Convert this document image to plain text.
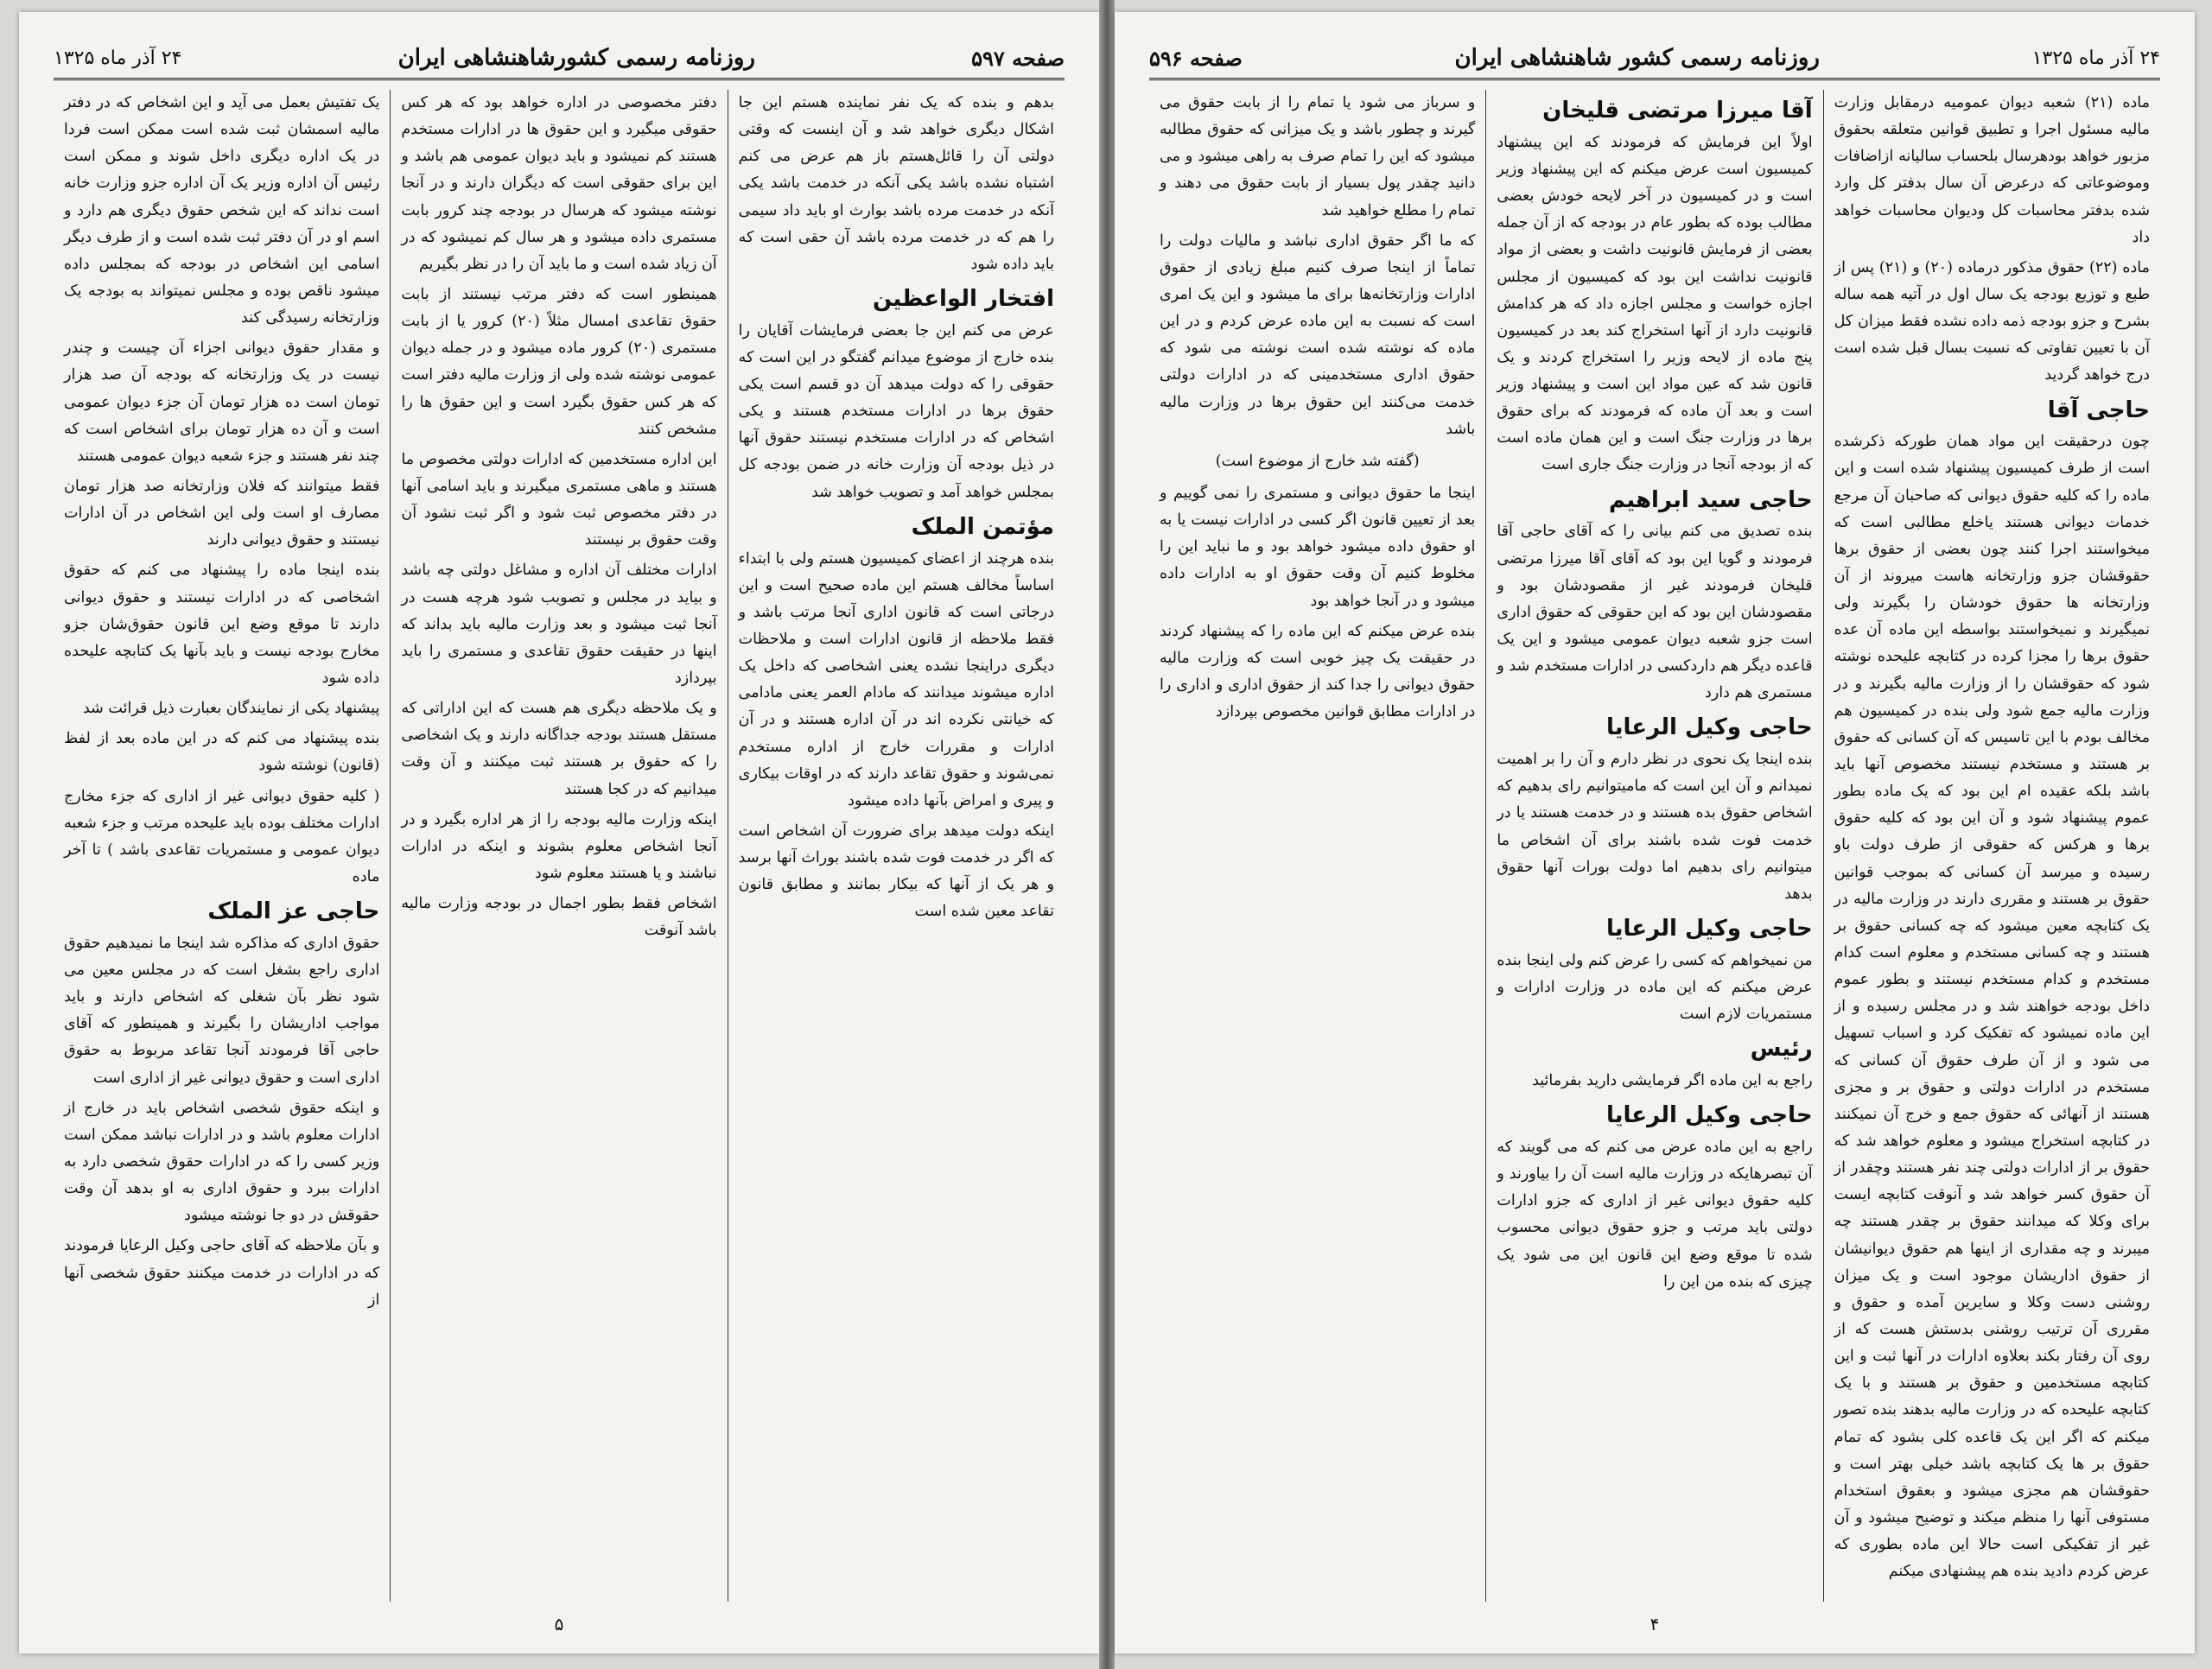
صفحه ۵۹۷
روزنامه رسمی کشورشاهنشاهی ایران
۲۴ آذر ماه ۱۳۲۵

بدهم و بنده که یک نفر نماینده هستم این جا اشکال دیگری خواهد شد و آن اینست که وقتی دولتی آن را قائل‌هستم باز هم عرض می کنم اشتباه نشده باشد یکی آنکه در خدمت باشد یکی آنکه در خدمت مرده باشد بوارث او باید داد سیمی را هم که در خدمت مرده باشد آن حقی است که باید داده شود

افتخار الواعظین

عرض می کنم این جا بعضی فرمایشات آقایان را بنده خارج از موضوع میدانم گفتگو در این است که حقوقی را که دولت میدهد آن دو قسم است یکی حقوق برها در ادارات مستخدم هستند و یکی اشخاص که در ادارات مستخدم نیستند حقوق آنها در ذیل بودجه آن وزارت خانه در ضمن بودجه کل بمجلس خواهد آمد و تصویب خواهد شد

مؤتمن الملک

بنده هرچند از اعضای کمیسیون هستم ولی با ابتداء اساساً مخالف هستم این ماده صحیح است و این درجاتی است که قانون اداری آنجا مرتب باشد و فقط ملاحظه از قانون ادارات است و ملاحظات دیگری دراینجا نشده یعنی اشخاصی که داخل یک اداره میشوند میدانند که مادام العمر یعنی مادامی که خیانتی نکرده اند در آن اداره هستند و در آن ادارات و مقررات خارج از اداره مستخدم نمی‌شوند و حقوق تقاعد دارند که در اوقات بیکاری و پیری و امراض بآنها داده میشود

اینکه دولت میدهد برای ضرورت آن اشخاص است که اگر در خدمت فوت شده باشند بوراث آنها برسد و هر یک از آنها که بیکار بمانند و مطابق قانون تقاعد معین شده است

دفتر مخصوصی در اداره خواهد بود که هر کس حقوقی میگیرد و این حقوق ها در ادارات مستخدم هستند کم نمیشود و باید دیوان عمومی هم باشد و این برای حقوقی است که دیگران دارند و در آنجا نوشته میشود که هرسال در بودجه چند کرور بابت مستمری داده میشود و هر سال کم نمیشود که در آن زیاد شده است و ما باید آن را در نظر بگیریم

همینطور است که دفتر مرتب نیستند از بابت حقوق تقاعدی امسال مثلاً (۲۰) کرور یا از بابت مستمری (۲۰) کرور ماده میشود و در جمله دیوان عمومی نوشته شده ولی از وزارت مالیه دفتر است که هر کس حقوق بگیرد است و این حقوق ها را مشخص کنند

این اداره مستخدمین که ادارات دولتی مخصوص ما هستند و ماهی مستمری میگیرند و باید اسامی آنها در دفتر مخصوص ثبت شود و اگر ثبت نشود آن وقت حقوق بر نیستند

ادارات مختلف آن اداره و مشاغل دولتی چه باشد و بیاید در مجلس و تصویب شود هرچه هست در آنجا ثبت میشود و بعد وزارت مالیه باید بداند که اینها در حقیقت حقوق تقاعدی و مستمری را باید بپردازد

و یک ملاحظه دیگری هم هست که این اداراتی که مستقل هستند بودجه جداگانه دارند و یک اشخاصی را که حقوق بر هستند ثبت میکنند و آن وقت میدانیم که در کجا هستند

اینکه وزارت مالیه بودجه را از هر اداره بگیرد و در آنجا اشخاص معلوم بشوند و اینکه در ادارات نباشند و یا هستند معلوم شود

اشخاص فقط بطور اجمال در بودجه وزارت مالیه باشد آنوقت

یک تفتیش بعمل می آید و این اشخاص که در دفتر مالیه اسمشان ثبت شده است ممکن است فردا در یک اداره دیگری داخل شوند و ممکن است رئیس آن اداره وزیر یک آن اداره جزو وزارت خانه است نداند که این شخص حقوق دیگری هم دارد و اسم او در آن دفتر ثبت شده است و از طرف دیگر اسامی این اشخاص در بودجه که بمجلس داده میشود ناقص بوده و مجلس نمیتواند به بودجه یک وزارتخانه رسیدگی کند

و مقدار حقوق دیوانی اجزاء آن چیست و چندر نیست در یک وزارتخانه که بودجه آن صد هزار تومان است ده هزار تومان آن جزء دیوان عمومی است و آن ده هزار تومان برای اشخاص است که چند نفر هستند و جزء شعبه دیوان عمومی هستند

فقط میتوانند که فلان وزارتخانه صد هزار تومان مصارف او است ولی این اشخاص در آن ادارات نیستند و حقوق دیوانی دارند

بنده اینجا ماده را پیشنهاد می کنم که حقوق اشخاصی که در ادارات نیستند و حقوق دیوانی دارند تا موقع وضع این قانون حقوق‌شان جزو مخارج بودجه نیست و باید بآنها یک کتابچه علیحده داده شود

پیشنهاد یکی از نمایندگان بعبارت ذیل قرائت شد

بنده پیشنهاد می کنم که در این ماده بعد از لفظ (قانون) نوشته شود

( کلیه حقوق دیوانی غیر از اداری که جزء مخارج ادارات مختلف بوده باید علیحده مرتب و جزء شعبه دیوان عمومی و مستمریات تقاعدی باشد ) تا آخر ماده

حاجی عز الملک

حقوق اداری که مذاکره شد اینجا ما نمیدهیم حقوق اداری راجع بشغل است که در مجلس معین می شود نظر بآن شغلی که اشخاص دارند و باید مواجب اداریشان را بگیرند و همینطور که آقای حاجی آقا فرمودند آنجا تقاعد مربوط به حقوق اداری است و حقوق دیوانی غیر از اداری است

و اینکه حقوق شخصی اشخاص باید در خارج از ادارات معلوم باشد و در ادارات نباشد ممکن است وزیر کسی را که در ادارات حقوق شخصی دارد به ادارات ببرد و حقوق اداری به او بدهد آن وقت حقوقش در دو جا نوشته میشود

و بآن ملاحظه که آقای حاجی وکیل الرعایا فرمودند که در ادارات در خدمت میکنند حقوق شخصی آنها از

۵
۲۴ آذر ماه ۱۳۲۵
روزنامه رسمی کشور شاهنشاهی ایران
صفحه ۵۹۶

ماده (۲۱) شعبه دیوان عمومیه درمقابل وزارت مالیه مسئول اجرا و تطبیق قوانین متعلقه بحقوق مزبور خواهد بودهرسال بلحساب سالیانه ازاضافات وموضوعاتی که درعرض آن سال بدفتر کل وارد شده بدفتر محاسبات کل ودیوان محاسبات خواهد داد

ماده (۲۲) حقوق مذکور درماده (۲۰) و (۲۱) پس از طبع و توزیع بودجه یک سال اول در آتیه همه ساله بشرح و جزو بودجه ذمه داده نشده فقط میزان کل آن با تعیین تفاوتی که نسبت بسال قبل شده است درج خواهد گردید

حاجی آقا

چون درحقیقت این مواد همان طورکه ذکرشده است از طرف کمیسیون پیشنهاد شده است و این ماده را که کلیه حقوق دیوانی که صاحبان آن مرجع خدمات دیوانی هستند یاخلع مطالبی است که میخواستند اجرا کنند چون بعضی از حقوق برها حقوقشان جزو وزارتخانه هاست میروند از آن وزارتخانه ها حقوق خودشان را بگیرند ولی نمیگیرند و نمیخواستند بواسطه این ماده آن عده حقوق برها را مجزا کرده در کتابچه علیحده نوشته شود که حقوقشان را از وزارت مالیه بگیرند و در وزارت مالیه جمع شود ولی بنده در کمیسیون هم مخالف بودم با این تاسیس که آن کسانی که حقوق بر هستند و مستخدم نیستند مخصوص آنها باید باشد بلکه عقیده ام این بود که یک ماده بطور عموم پیشنهاد شود و آن این بود که کلیه حقوق برها و هرکس که حقوقی از طرف دولت باو رسیده و میرسد آن کسانی که بموجب قوانین حقوق بر هستند و مقرری دارند در وزارت مالیه در یک کتابچه معین میشود که چه کسانی حقوق بر هستند و چه کسانی مستخدم و معلوم است کدام مستخدم و کدام مستخدم نیستند و بطور عموم داخل بودجه خواهند شد و در مجلس رسیده و از این ماده نمیشود که تفکیک کرد و اسباب تسهیل می شود و از آن طرف حقوق آن کسانی که مستخدم در ادارات دولتی و حقوق بر و مجزی هستند از آنهائی که حقوق جمع و خرج آن نمیکنند در کتابچه استخراج میشود و معلوم خواهد شد که حقوق بر از ادارات دولتی چند نفر هستند وچقدر از آن حقوق کسر خواهد شد و آنوقت کتابچه ایست برای وکلا که میدانند حقوق بر چقدر هستند چه میبرند و چه مقداری از اینها هم حقوق دیوانیشان از حقوق اداریشان موجود است و یک میزان روشنی دست وکلا و سایرین آمده و حقوق و مقرری آن ترتیب روشنی بدستش هست که از روی آن رفتار بکند بعلاوه ادارات در آنها ثبت و این کتابچه مستخدمین و حقوق بر هستند و با یک کتابچه علیحده که در وزارت مالیه بدهند بنده تصور میکنم که اگر این یک قاعده کلی بشود که تمام حقوق بر ها یک کتابچه باشد خیلی بهتر است و حقوقشان هم مجزی میشود و بعقوق استخدام مستوفی آنها را منظم میکند و توضیح میشود و آن غیر از تفکیکی است حالا این ماده بطوری که عرض کردم دادید بنده هم پیشنهادی میکنم

آقا میرزا مرتضی قلیخان

اولاً این فرمایش که فرمودند که این پیشنهاد کمیسیون است عرض میکنم که این پیشنهاد وزیر است و در کمیسیون در آخر لایحه خودش بعضی مطالب بوده که بطور عام در بودجه که از آن جمله بعضی از فرمایش قانونیت داشت و بعضی از مواد قانونیت نداشت این بود که کمیسیون از مجلس اجازه خواست و مجلس اجازه داد که هر کدامش قانونیت دارد از آنها استخراج کند بعد در کمیسیون پنج ماده از لایحه وزیر را استخراج کردند و یک قانون شد که عین مواد این است و پیشنهاد وزیر است و بعد آن ماده که فرمودند که برای حقوق برها در وزارت جنگ است و این همان ماده است که از بودجه آنجا در وزارت جنگ جاری است

حاجی سید ابراهیم

بنده تصدیق می کنم بیانی را که آقای حاجی آقا فرمودند و گویا این بود که آقای آقا میرزا مرتضی قلیخان فرمودند غیر از مقصودشان بود و مقصودشان این بود که این حقوقی که حقوق اداری است جزو شعبه دیوان عمومی میشود و این یک قاعده دیگر هم داردکسی در ادارات مستخدم شد و مستمری هم دارد

حاجی وکیل الرعایا

بنده اینجا یک نحوی در نظر دارم و آن را بر اهمیت نمیدانم و آن این است که مامیتوانیم رای بدهیم که اشخاص حقوق بده هستند و در خدمت هستند یا در خدمت فوت شده باشند برای آن اشخاص ما میتوانیم رای بدهیم اما دولت بورات آنها حقوق بدهد

حاجی وکیل الرعایا

من نمیخواهم که کسی را عرض کنم ولی اینجا بنده عرض میکنم که این ماده در وزارت ادارات و مستمریات لازم است

رئیس

راجع به این ماده اگر فرمایشی دارید بفرمائید

حاجی وکیل الرعایا

راجع به این ماده عرض می کنم که می گویند که آن تبصرهایکه در وزارت مالیه است آن را بیاورند و کلیه حقوق دیوانی غیر از اداری که جزو ادارات دولتی باید مرتب و جزو حقوق دیوانی محسوب شده تا موقع وضع این قانون این می شود یک چیزی که بنده من این را

و سرباز می شود یا تمام را از بابت حقوق می گیرند و چطور باشد و یک میزانی که حقوق مطالبه میشود که این را تمام صرف به راهی میشود و می دانید چقدر پول بسیار از بابت حقوق می دهند و تمام را مطلع خواهید شد

که ما اگر حقوق اداری نباشد و مالیات دولت را تماماً از اینجا صرف کنیم مبلغ زیادی از حقوق ادارات وزارتخانه‌ها برای ما میشود و این یک امری است که نسبت به این ماده عرض کردم و در این ماده که نوشته شده است نوشته می شود که حقوق اداری مستخدمینی که در ادارات دولتی خدمت می‌کنند این حقوق برها در وزارت مالیه باشد

(گفته شد خارج از موضوع است)

اینجا ما حقوق دیوانی و مستمری را نمی گوییم و بعد از تعیین قانون اگر کسی در ادارات نیست یا به او حقوق داده میشود خواهد بود و ما نباید این را مخلوط کنیم آن وقت حقوق او به ادارات داده میشود و در آنجا خواهد بود

بنده عرض میکنم که این ماده را که پیشنهاد کردند در حقیقت یک چیز خوبی است که وزارت مالیه حقوق دیوانی را جدا کند از حقوق اداری و اداری را در ادارات مطابق قوانین مخصوص بپردازد

۴
